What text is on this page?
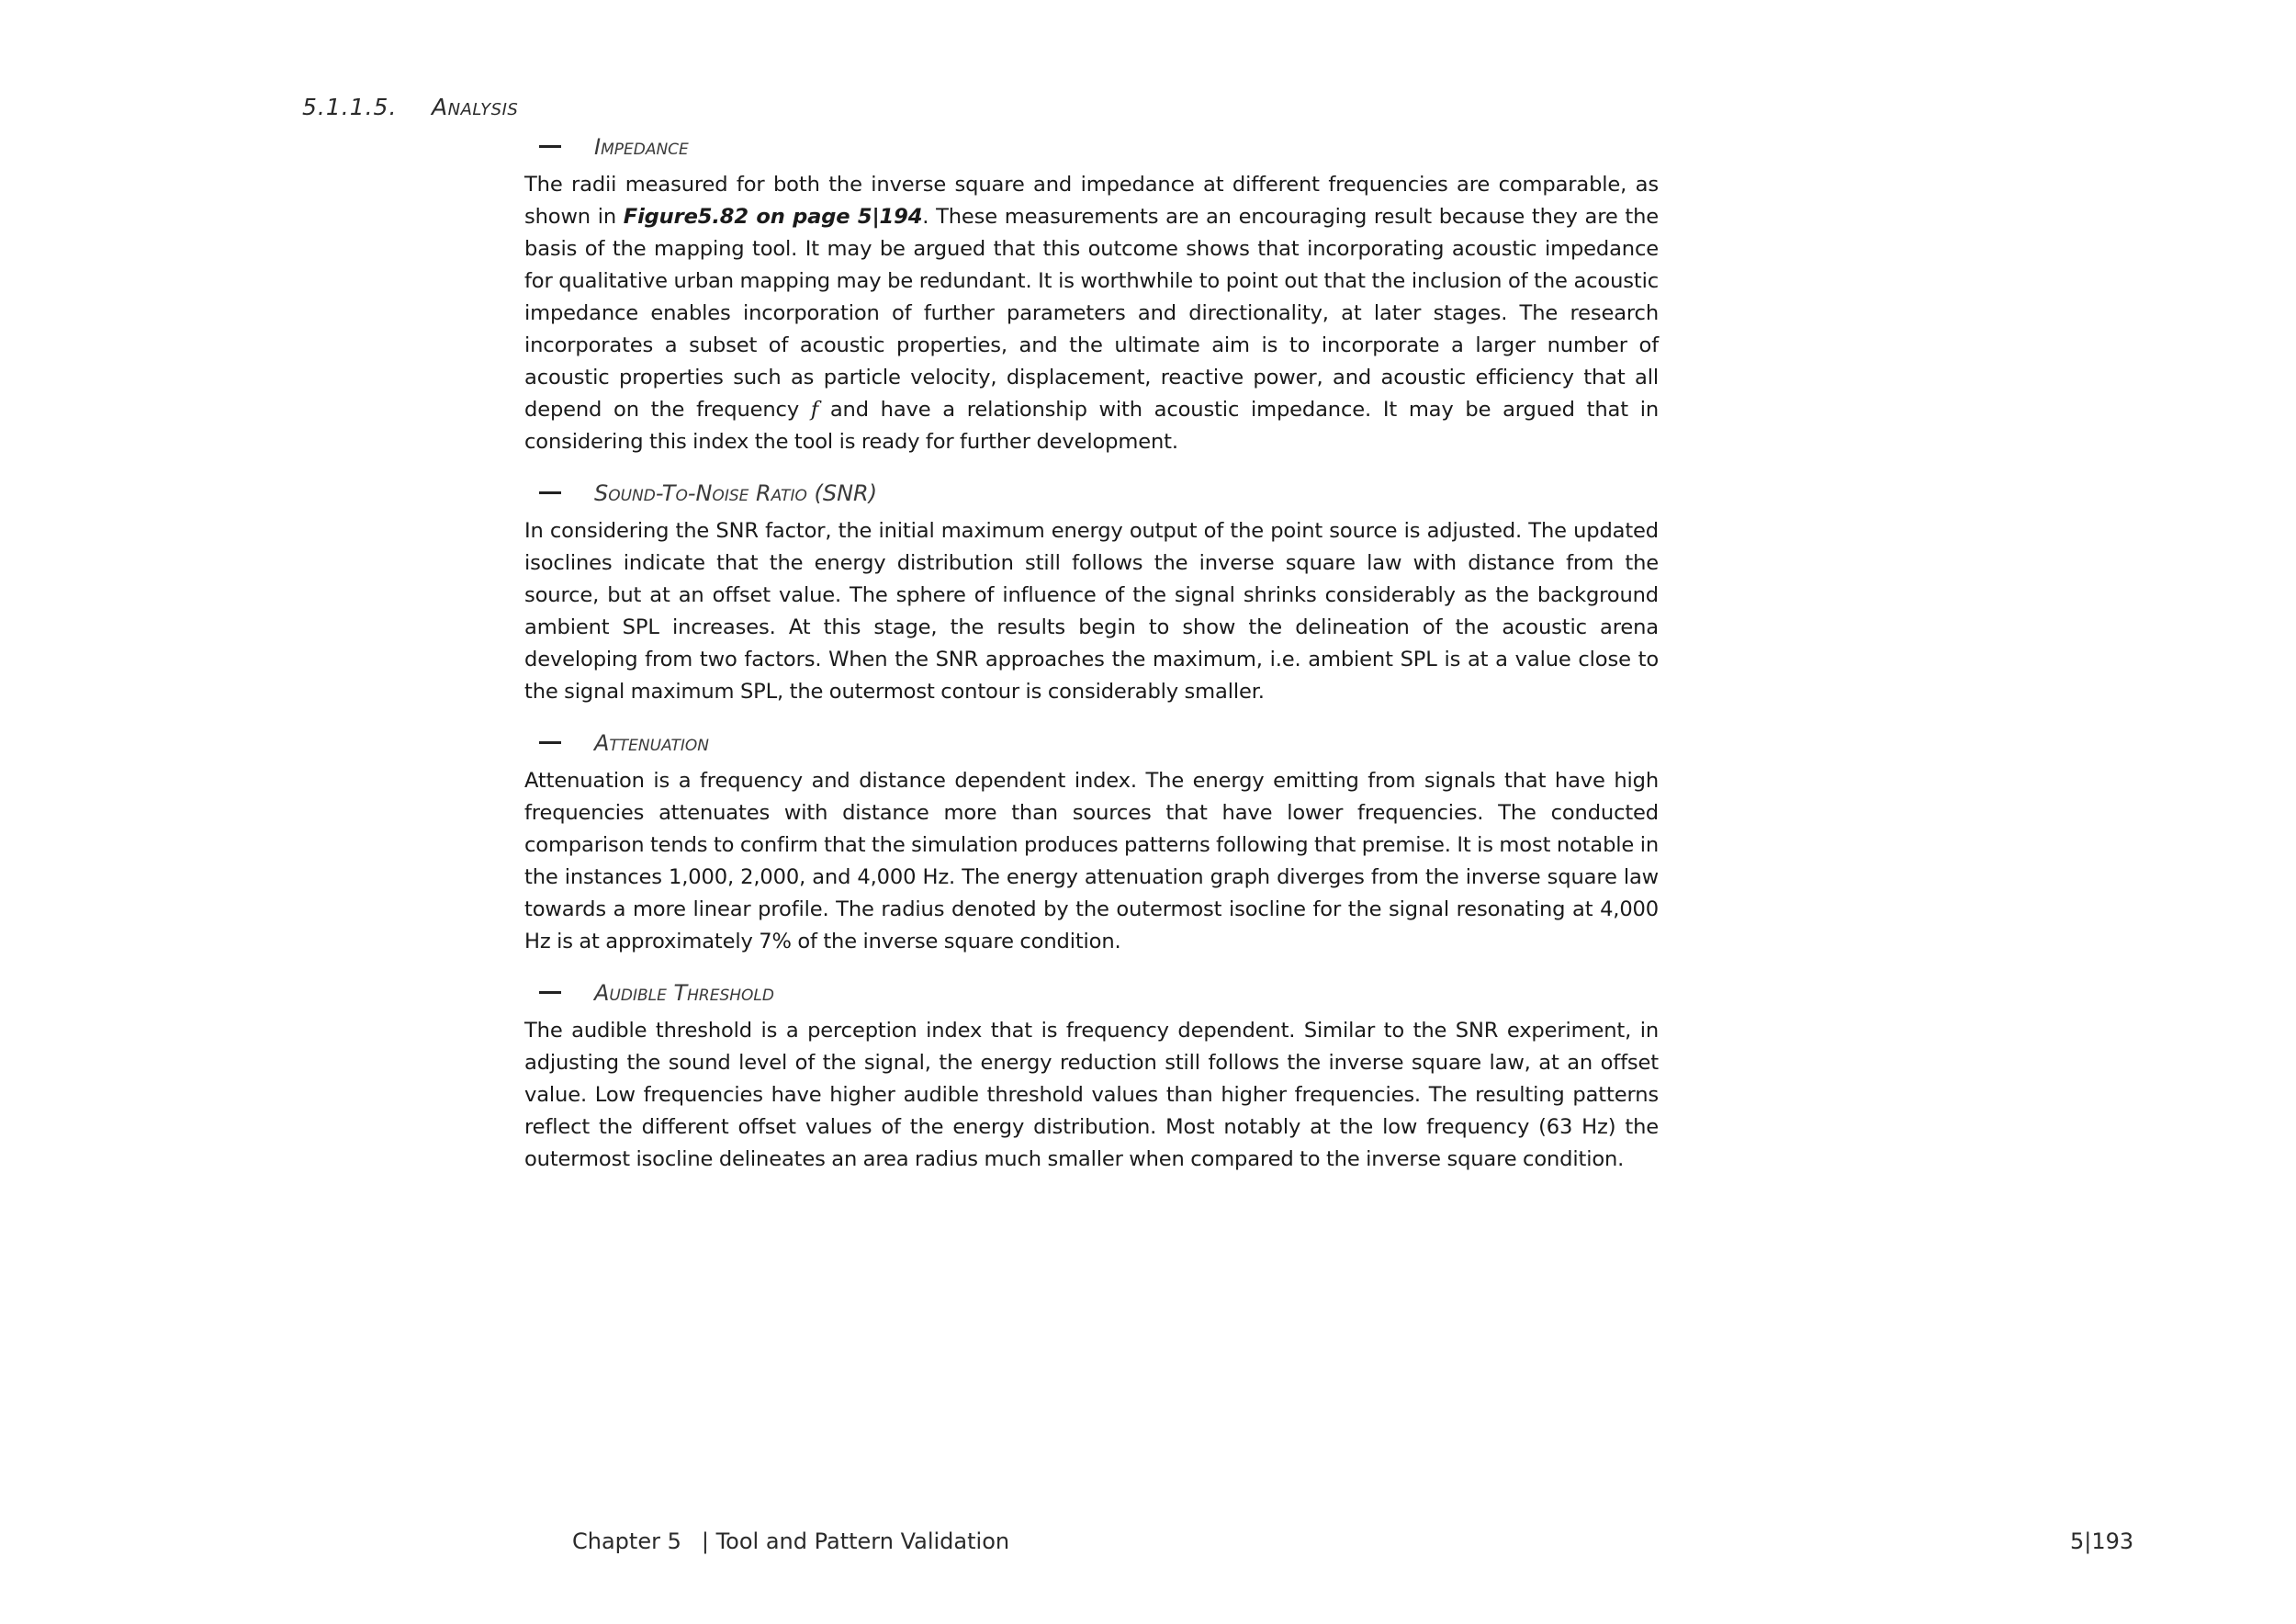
5.1.1.5. Analysis
Impedance

The radii measured for both the inverse square and impedance at different frequencies are comparable, as shown in Figure5.82 on page 5|194. These measurements are an encouraging result because they are the basis of the mapping tool. It may be argued that this outcome shows that incorporating acoustic impedance for qualitative urban mapping may be redundant. It is worthwhile to point out that the inclusion of the acoustic impedance enables incorporation of further parameters and directionality, at later stages. The research incorporates a subset of acoustic properties, and the ultimate aim is to incorporate a larger number of acoustic properties such as particle velocity, displacement, reactive power, and acoustic efficiency that all depend on the frequency f and have a relationship with acoustic impedance. It may be argued that in considering this index the tool is ready for further development.

Sound-To-Noise Ratio (SNR)

In considering the SNR factor, the initial maximum energy output of the point source is adjusted. The updated isoclines indicate that the energy distribution still follows the inverse square law with distance from the source, but at an offset value. The sphere of influence of the signal shrinks considerably as the background ambient SPL increases. At this stage, the results begin to show the delineation of the acoustic arena developing from two factors. When the SNR approaches the maximum, i.e. ambient SPL is at a value close to the signal maximum SPL, the outermost contour is considerably smaller.

Attenuation

Attenuation is a frequency and distance dependent index. The energy emitting from signals that have high frequencies attenuates with distance more than sources that have lower frequencies. The conducted comparison tends to confirm that the simulation produces patterns following that premise. It is most notable in the instances 1,000, 2,000, and 4,000 Hz. The energy attenuation graph diverges from the inverse square law towards a more linear profile. The radius denoted by the outermost isocline for the signal resonating at 4,000 Hz is at approximately 7% of the inverse square condition.

Audible Threshold

The audible threshold is a perception index that is frequency dependent. Similar to the SNR experiment, in adjusting the sound level of the signal, the energy reduction still follows the inverse square law, at an offset value. Low frequencies have higher audible threshold values than higher frequencies. The resulting patterns reflect the different offset values of the energy distribution. Most notably at the low frequency (63 Hz) the outermost isocline delineates an area radius much smaller when compared to the inverse square condition.

Chapter 5 | Tool and Pattern Validation	5|193
